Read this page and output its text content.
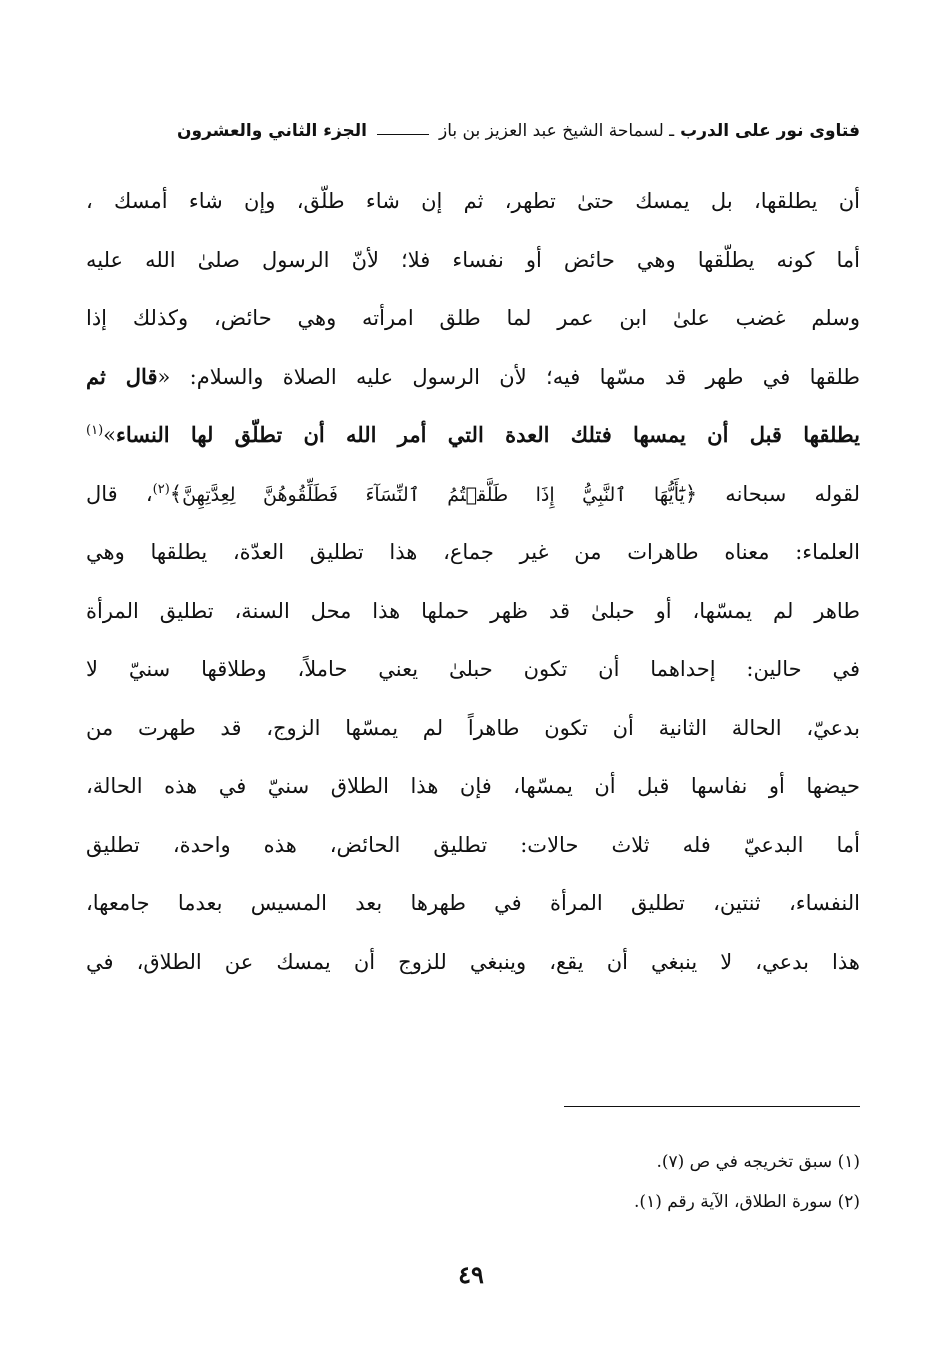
فتاوى نور على الدرب
ـ لسماحة الشيخ عبد العزيز بن باز
الجزء الثاني والعشرون
أن يطلقها، بل يمسك حتىٰ تطهر، ثم إن شاء طلّق، وإن شاء أمسك ،
أما كونه يطلّقها وهي حائض أو نفساء فلا؛ لأنّ الرسول صلىٰ الله عليه
وسلم غضب علىٰ ابن عمر لما طلق امرأته وهي حائض، وكذلك إذا
طلقها في طهر قد مسّها فيه؛ لأن الرسول عليه الصلاة والسلام: «قال ثم
يطلقها قبل أن يمسها فتلك العدة التي أمر الله أن تطلّق لها النساء»$^{(١)}$
لقوله سبحانه ﴿يَٰٓأَيُّهَا ٱلنَّبِيُّ إِذَا طَلَّقۡتُمُ ٱلنِّسَآءَ فَطَلِّقُوهُنَّ لِعِدَّتِهِنَّ﴾$^{(٢)}$، قال
العلماء: معناه طاهرات من غير جماع، هذا تطليق العدّة، يطلقها وهي
طاهر لم يمسّها، أو حبلىٰ قد ظهر حملها هذا محل السنة، تطليق المرأة
في حالين: إحداهما أن تكون حبلىٰ يعني حاملاً، وطلاقها سنيّ لا
بدعيّ، الحالة الثانية أن تكون طاهراً لم يمسّها الزوج، قد طهرت من
حيضها أو نفاسها قبل أن يمسّها، فإن هذا الطلاق سنيّ في هذه الحالة،
أما البدعيّ فله ثلاث حالات: تطليق الحائض، هذه واحدة، تطليق
النفساء، ثنتين، تطليق المرأة في طهرها بعد المسيس بعدما جامعها،
هذا بدعي، لا ينبغي أن يقع، وينبغي للزوج أن يمسك عن الطلاق، في
(١) سبق تخريجه في ص (٧).
(٢) سورة الطلاق، الآية رقم (١).
٤٩
